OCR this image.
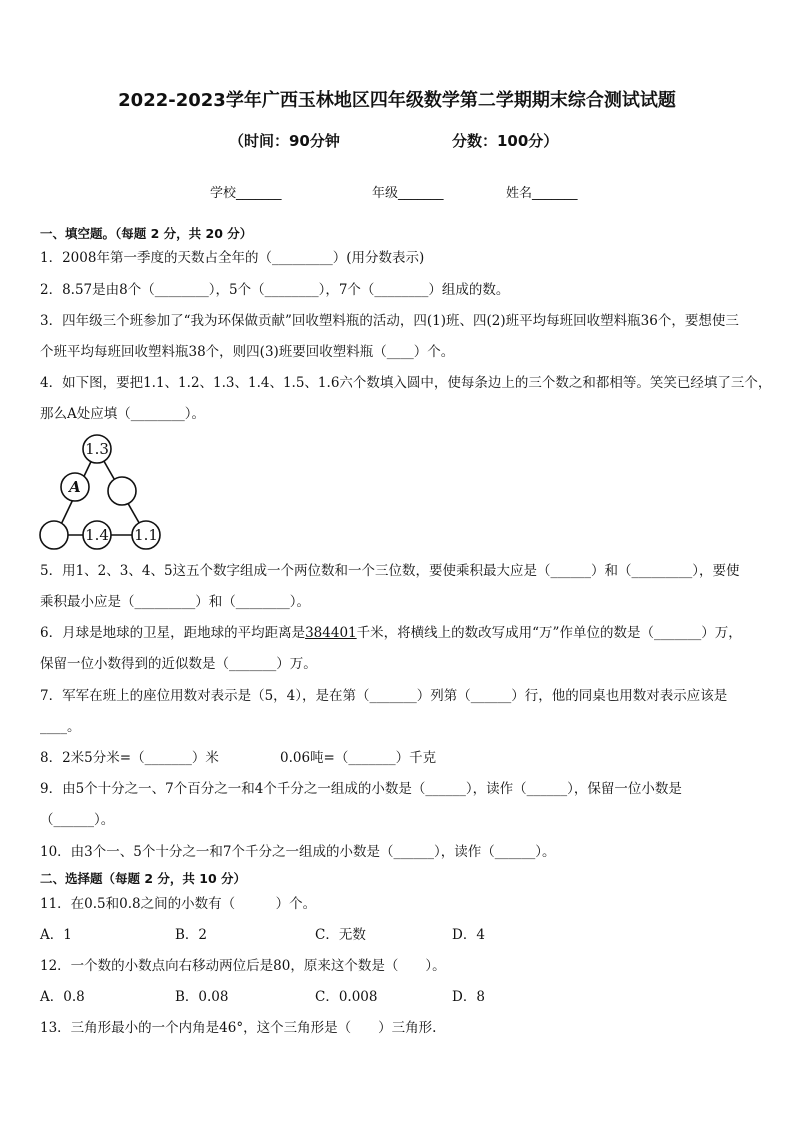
2022-2023学年广西玉林地区四年级数学第二学期期末综合测试试题
（时间：90分钟	分数：100分）
学校_______	年级_______	姓名_______
一、填空题。（每题 2 分，共 20 分）
1．2008年第一季度的天数占全年的（_________）(用分数表示)
2．8.57是由8个（________），5个（________），7个（________）组成的数。
3．四年级三个班参加了“我为环保做贡献”回收塑料瓶的活动，四(1)班、四(2)班平均每班回收塑料瓶36个，要想使三
个班平均每班回收塑料瓶38个，则四(3)班要回收塑料瓶（____）个。
4．如下图，要把1.1、1.2、1.3、1.4、1.5、1.6六个数填入圆中，使每条边上的三个数之和都相等。笑笑已经填了三个，
那么A处应填（________）。
1.3
A
1.4 1.1
5．用1、2、3、4、5这五个数字组成一个两位数和一个三位数，要使乘积最大应是（______）和（_________），要使
乘积最小应是（_________）和（________）。
6．月球是地球的卫星，距地球的平均距离是384401千米，将横线上的数改写成用“万”作单位的数是（_______）万，
保留一位小数得到的近似数是（_______）万。
7．军军在班上的座位用数对表示是（5，4），是在第（_______）列第（______）行，他的同桌也用数对表示应该是
____。
8．2米5分米=（_______）米	0.06吨=（_______）千克
9．由5个十分之一、7个百分之一和4个千分之一组成的小数是（______），读作（______），保留一位小数是
（______）。
10．由3个一、5个十分之一和7个千分之一组成的小数是（______），读作（______）。
二、选择题（每题 2 分，共 10 分）
11．在0.5和0.8之间的小数有（　　　）个。
A．1	B．2	C．无数	D．4
12．一个数的小数点向右移动两位后是80，原来这个数是（　　）。
A．0.8	B．0.08	C．0.008	D．8
13．三角形最小的一个内角是46°，这个三角形是（　　）三角形.
